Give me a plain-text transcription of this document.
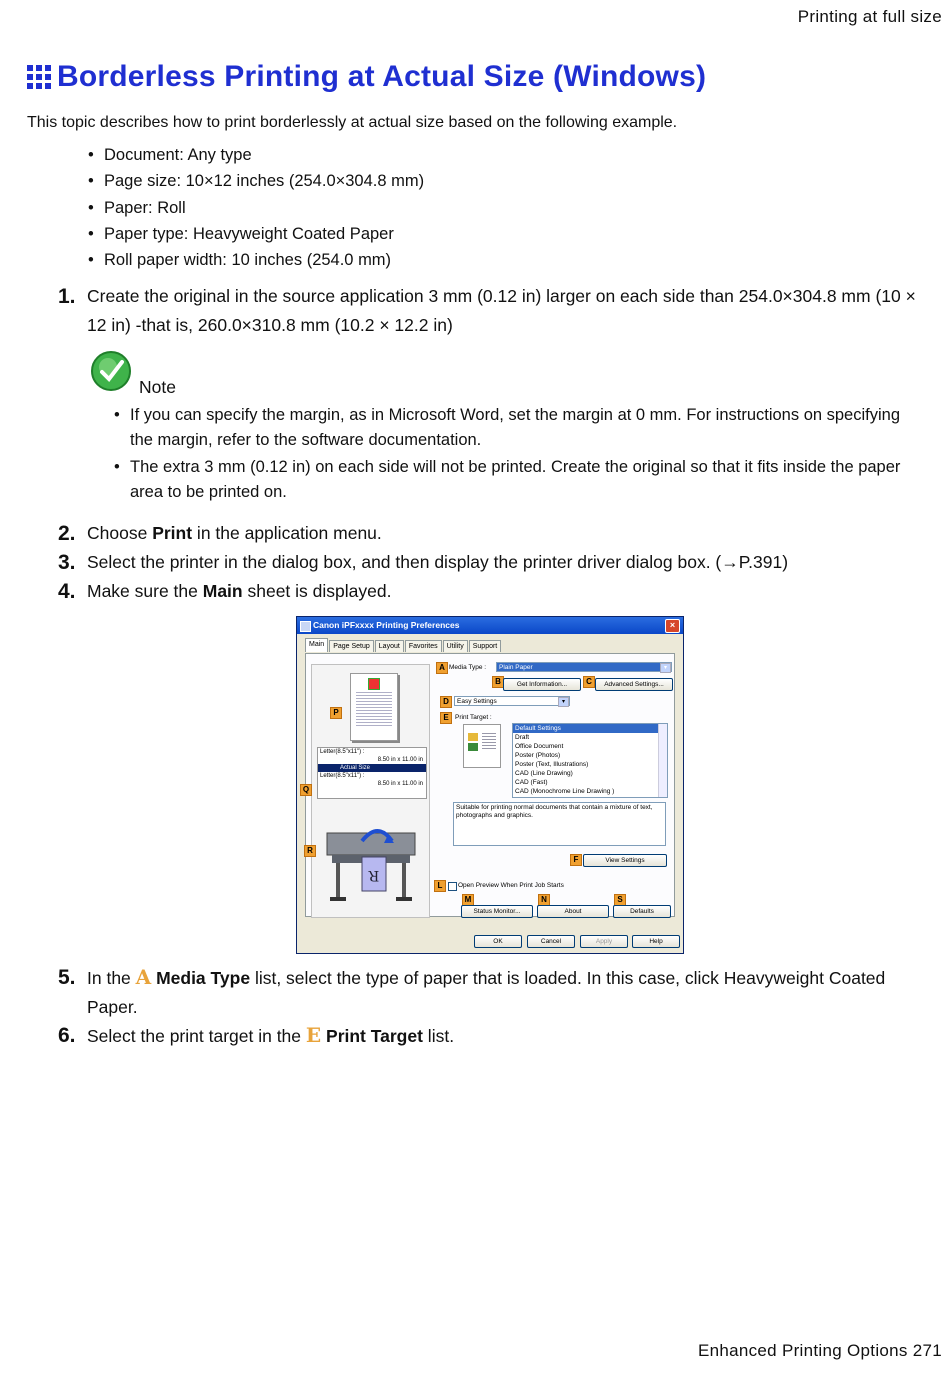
Printing at full size
Borderless Printing at Actual Size (Windows)
This topic describes how to print borderlessly at actual size based on the following example.
• Document: Any type
• Page size: 10×12 inches (254.0×304.8 mm)
• Paper: Roll
• Paper type: Heavyweight Coated Paper
• Roll paper width: 10 inches (254.0 mm)
1. Create the original in the source application 3 mm (0.12 in) larger on each side than 254.0×304.8 mm (10 × 12 in) -that is, 260.0×310.8 mm (10.2 × 12.2 in)
Note
• If you can specify the margin, as in Microsoft Word, set the margin at 0 mm. For instructions on specifying the margin, refer to the software documentation.
• The extra 3 mm (0.12 in) on each side will not be printed. Create the original so that it fits inside the paper area to be printed on.
2. Choose Print in the application menu.
3. Select the printer in the dialog box, and then display the printer driver dialog box. (→P.391)
4. Make sure the Main sheet is displayed.
Canon iPFxxxx Printing Preferences	×
Main	Page Setup	Layout	Favorites	Utility	Support
Letter(8.5"x11") :
8.50 in x 11.00 in
Actual Size
Letter(8.5"x11") :
8.50 in x 11.00 in
R
P
Q
R
A Media Type :	Plain Paper	▾
B	Get Information...	C	Advanced Settings...
D	Easy Settings	▾
E Print Target :
Default Settings
Draft
Office Document
Poster (Photos)
Poster (Text, Illustrations)
CAD (Line Drawing)
CAD (Fast)
CAD (Monochrome Line Drawing )
Suitable for printing normal documents that contain a mixture of text, photographs and graphics.
F	View Settings
L	Open Preview When Print Job Starts
M	N	S
Status Monitor...	About	Defaults
OK	Cancel	Apply	Help
5. In the A Media Type list, select the type of paper that is loaded. In this case, click Heavyweight Coated Paper.
6. Select the print target in the E Print Target list.
Enhanced Printing Options 271
